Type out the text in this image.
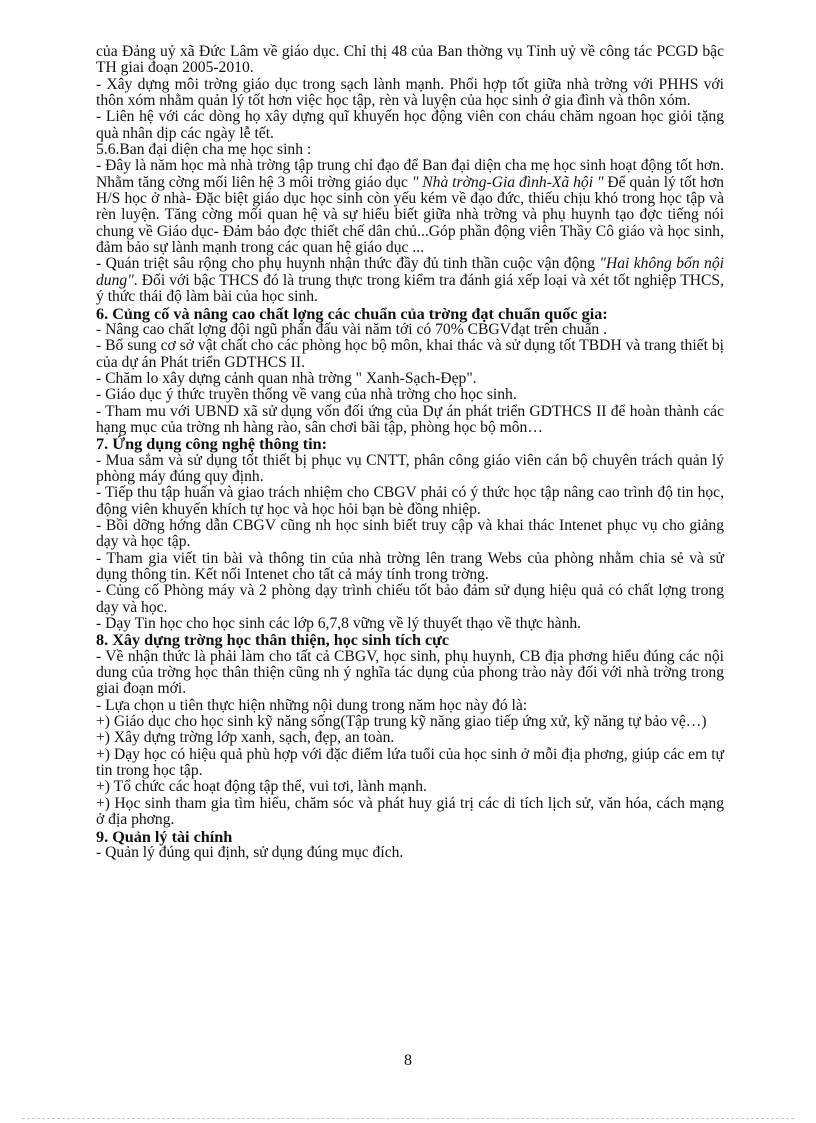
của Đảng uỷ xã Đức Lâm về giáo dục. Chỉ thị 48 của Ban thờng vụ Tỉnh uỷ về công tác PCGD bậc TH giai đoạn 2005-2010.

- Xây dựng môi trờng giáo dục trong sạch lành mạnh. Phối hợp tốt giữa nhà trờng với PHHS với thôn xóm nhằm quản lý tốt hơn việc học tập, rèn và luyện của học sinh ở gia đình và thôn xóm.

- Liên hệ với các dòng họ xây dựng quĩ khuyến học động viên con cháu chăm ngoan học giỏi tặng quà nhân dịp các ngày lễ tết.

5.6.Ban đại diện cha mẹ học sinh :

- Đây là năm học mà nhà trờng tập trung chỉ đạo để Ban đại diện cha mẹ học sinh hoạt động tốt hơn. Nhằm tăng cờng mối liên hệ 3 môi trờng giáo dục " Nhà trờng-Gia đình-Xã hội " Để quản lý tốt hơn H/S học ở nhà- Đặc biệt giáo dục học sinh còn yếu kém về đạo đức, thiếu chịu khó trong học tập và rèn luyện. Tăng cờng mối quan hệ và sự hiểu biết giữa nhà trờng và phụ huynh tạo đợc tiếng nói chung về Giáo dục- Đảm bảo đợc thiết chế dân chủ...Góp phần động viên Thầy Cô giáo và học sinh, đảm bảo sự lành mạnh trong các quan hệ giáo dục ...

- Quán triệt sâu rộng cho phụ huynh nhận thức đầy đủ tinh thần cuộc vận động "Hai không bốn nội dung". Đối với bậc THCS đó là trung thực trong kiểm tra đánh giá xếp loại và xét tốt nghiệp THCS, ý thức thái độ làm bài của học sinh.

6. Củng cố và nâng cao chất lợng các chuẩn của trờng đạt chuẩn quốc gia:

- Nâng cao chất lợng đội ngũ phấn đấu vài năm tới có 70% CBGVđạt trên chuẩn .

- Bổ sung cơ sở vật chất cho các phòng học bộ môn, khai thác và sử dụng tốt TBDH và trang thiết bị của dự án Phát triển GDTHCS II.

- Chăm lo xây dựng cảnh quan nhà trờng " Xanh-Sạch-Đẹp".

- Giáo dục ý thức truyền thống về vang của nhà trờng cho học sinh.

- Tham mu với UBND xã sử dụng vốn đối ứng của Dự án phát triển GDTHCS II để hoàn thành các hạng mục của trờng nh hàng rào, sân chơi bãi tập, phòng học bộ môn…

7. Ứng dụng công nghệ thông tin:

- Mua sắm và sử dụng tốt thiết bị phục vụ CNTT, phân công giáo viên cán bộ chuyên trách quản lý phòng máy đúng quy định.

- Tiếp thu tập huấn và giao trách nhiệm cho CBGV phải có ý thức học tập nâng cao trình độ tin học, động viên khuyến khích tự học và học hỏi bạn bè đồng nhiệp.

- Bồi dỡng hớng dẫn CBGV cũng nh học sinh biết truy cập và khai thác Intenet phục vụ cho giảng dạy và học tập.

- Tham gia viết tin bài và thông tin của nhà trờng lên trang Webs của phòng nhằm chia sẻ và sử dụng thông tin. Kết nối Intenet cho tất cả máy tính trong trờng.

- Củng cố Phòng máy và 2 phòng dạy trình chiếu tốt bảo đảm sử dụng hiệu quả có chất lợng trong dạy và học.

- Dạy Tin học cho học sinh các lớp 6,7,8 vững về lý thuyết thạo về thực hành.

8. Xây dựng trờng học thân thiện, học sinh tích cực

- Về nhận thức là phải làm cho tất cả CBGV, học sinh, phụ huynh, CB địa phơng hiểu đúng các nội dung của trờng học thân thiện cũng nh ý nghĩa tác dụng của phong trào này đối với nhà trờng trong giai đoạn mới.

- Lựa chọn u tiên thực hiện những nội dung trong năm học này đó là:

+) Giáo dục cho học sinh kỹ năng sống(Tập trung kỹ năng giao tiếp ứng xử, kỹ năng tự bảo vệ…)

+) Xây dựng trờng lớp xanh, sạch, đẹp, an toàn.

+) Dạy học có hiệu quả phù hợp với đặc điểm lứa tuổi của học sinh ở mỗi địa phơng, giúp các em tự tin trong học tập.

+) Tổ chức các hoạt động tập thể, vui tơi, lành mạnh.

+) Học sinh tham gia tìm hiểu, chăm sóc và phát huy giá trị các di tích lịch sử, văn hóa, cách mạng ở địa phơng.

9. Quản lý tài chính

- Quản lý đúng qui định, sử dụng đúng mục đích.

8
